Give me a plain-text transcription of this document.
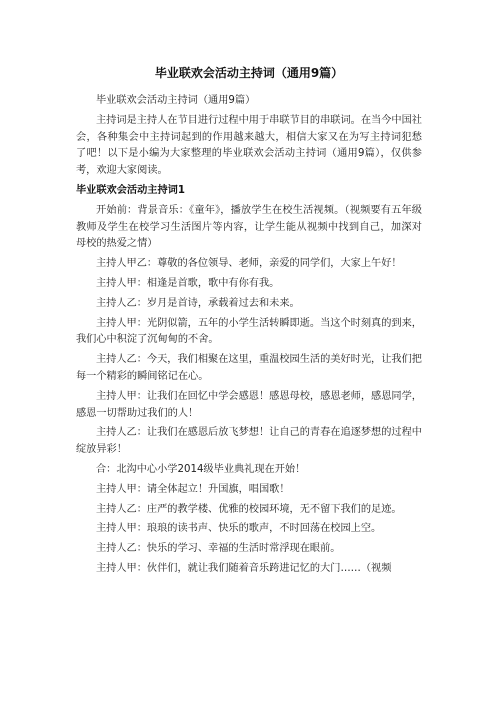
毕业联欢会活动主持词（通用9篇）

毕业联欢会活动主持词（通用9篇）

主持词是主持人在节目进行过程中用于串联节目的串联词。在当今中国社会，各种集会中主持词起到的作用越来越大，相信大家又在为写主持词犯愁了吧！以下是小编为大家整理的毕业联欢会活动主持词（通用9篇），仅供参考，欢迎大家阅读。

毕业联欢会活动主持词1

开始前：背景音乐：《童年》，播放学生在校生活视频。（视频要有五年级教师及学生在校学习生活图片等内容，让学生能从视频中找到自己，加深对母校的热爱之情）

主持人甲乙：尊敬的各位领导、老师，亲爱的同学们，大家上午好！

主持人甲：相逢是首歌，歌中有你有我。

主持人乙：岁月是首诗，承载着过去和未来。

主持人甲：光阴似箭，五年的小学生活转瞬即逝。当这个时刻真的到来，我们心中积淀了沉甸甸的不舍。

主持人乙：今天，我们相聚在这里，重温校园生活的美好时光，让我们把每一个精彩的瞬间铭记在心。

主持人甲：让我们在回忆中学会感恩！感恩母校，感恩老师，感恩同学，感恩一切帮助过我们的人！

主持人乙：让我们在感恩后放飞梦想！让自己的青春在追逐梦想的过程中绽放异彩！

合：北沟中心小学2014级毕业典礼现在开始！

主持人甲：请全体起立！升国旗，唱国歌！

主持人乙：庄严的教学楼、优雅的校园环境，无不留下我们的足迹。

主持人甲：琅琅的读书声、快乐的歌声，不时回荡在校园上空。

主持人乙：快乐的学习、幸福的生活时常浮现在眼前。

主持人甲：伙伴们，就让我们随着音乐跨进记忆的大门……（视频
